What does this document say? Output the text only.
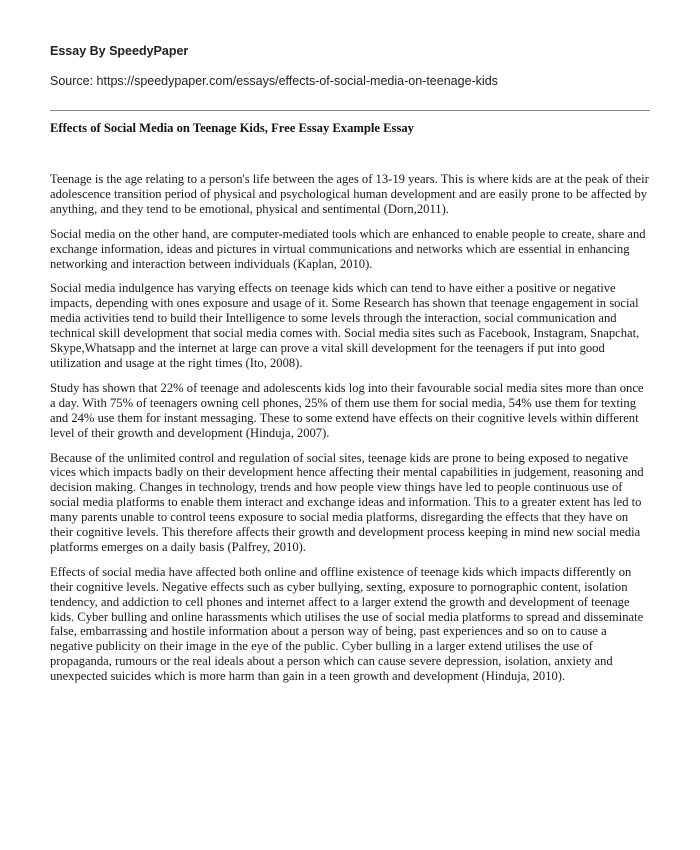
Essay By SpeedyPaper
Source: https://speedypaper.com/essays/effects-of-social-media-on-teenage-kids
Effects of Social Media on Teenage Kids, Free Essay Example Essay

Teenage is the age relating to a person's life between the ages of 13-19 years. This is where kids are at the peak of their adolescence transition period of physical and psychological human development and are easily prone to be affected by anything, and they tend to be emotional, physical and sentimental (Dorn,2011).

Social media on the other hand, are computer-mediated tools which are enhanced to enable people to create, share and exchange information, ideas and pictures in virtual communications and networks which are essential in enhancing networking and interaction between individuals (Kaplan, 2010).

Social media indulgence has varying effects on teenage kids which can tend to have either a positive or negative impacts, depending with ones exposure and usage of it. Some Research has shown that teenage engagement in social media activities tend to build their Intelligence to some levels through the interaction, social communication and technical skill development that social media comes with. Social media sites such as Facebook, Instagram, Snapchat, Skype,Whatsapp and the internet at large can prove a vital skill development for the teenagers if put into good utilization and usage at the right times (Ito, 2008).

Study has shown that 22% of teenage and adolescents kids log into their favourable social media sites more than once a day. With 75% of teenagers owning cell phones, 25% of them use them for social media, 54% use them for texting and 24% use them for instant messaging. These to some extend have effects on their cognitive levels within different level of their growth and development (Hinduja, 2007).

Because of the unlimited control and regulation of social sites, teenage kids are prone to being exposed to negative vices which impacts badly on their development hence affecting their mental capabilities in judgement, reasoning and decision making. Changes in technology, trends and how people view things have led to people continuous use of social media platforms to enable them interact and exchange ideas and information. This to a greater extent has led to many parents unable to control teens exposure to social media platforms, disregarding the effects that they have on their cognitive levels. This therefore affects their growth and development process keeping in mind new social media platforms emerges on a daily basis (Palfrey, 2010).

Effects of social media have affected both online and offline existence of teenage kids which impacts differently on their cognitive levels. Negative effects such as cyber bullying, sexting, exposure to pornographic content, isolation tendency, and addiction to cell phones and internet affect to a larger extend the growth and development of teenage kids. Cyber bulling and online harassments which utilises the use of social media platforms to spread and disseminate false, embarrassing and hostile information about a person way of being, past experiences and so on to cause a negative publicity on their image in the eye of the public. Cyber bulling in a larger extend utilises the use of propaganda, rumours or the real ideals about a person which can cause severe depression, isolation, anxiety and unexpected suicides which is more harm than gain in a teen growth and development (Hinduja, 2010).
